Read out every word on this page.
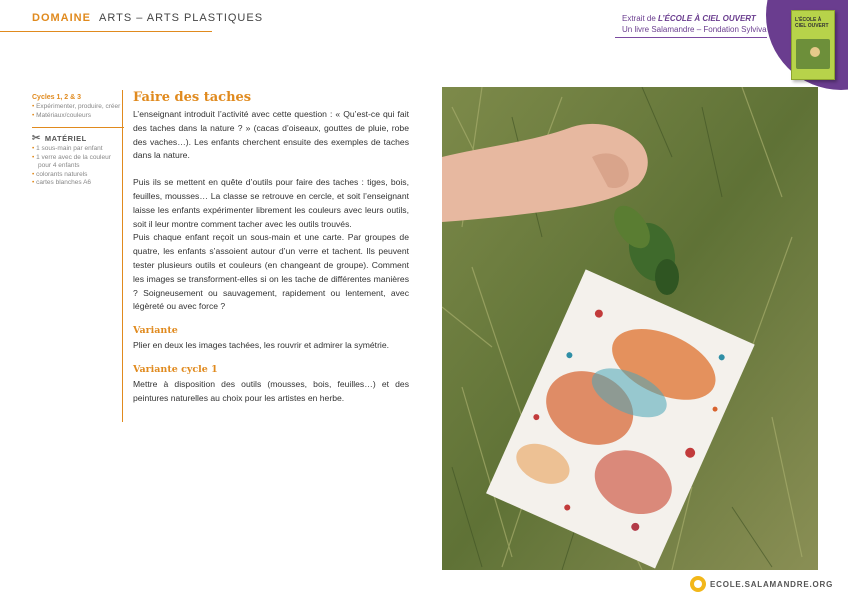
DOMAINE ARTS – ARTS PLASTIQUES	Extrait de L’ÉCOLE À CIEL OUVERT
Un livre Salamandre – Fondation Sylviva
L’ÉCOLE À CIEL OUVERT
Cycles 1, 2 & 3
• Expérimenter, produire, créer
• Matériaux/couleurs
✂ MATÉRIEL
• 1 sous-main par enfant
• 1 verre avec de la couleur pour 4 enfants
• colorants naturels
• cartes blanches A6
Faire des taches

L’enseignant introduit l’activité avec cette question : « Qu’est-ce qui fait des taches dans la nature ? » (cacas d’oiseaux, gouttes de pluie, robe des vaches…). Les enfants cherchent ensuite des exemples de taches dans la nature.

Puis ils se mettent en quête d’outils pour faire des taches : tiges, bois, feuilles, mousses… La classe se retrouve en cercle, et soit l’enseignant laisse les enfants expérimenter librement les couleurs avec leurs outils, soit il leur montre comment tacher avec les outils trouvés.

Puis chaque enfant reçoit un sous-main et une carte. Par groupes de quatre, les enfants s’assoient autour d’un verre et tachent. Ils peuvent tester plusieurs outils et couleurs (en changeant de groupe). Comment les images se transforment-elles si on les tache de différentes manières ? Soigneusement ou sauvagement, rapidement ou lentement, avec légèreté ou avec force ?

Variante

Plier en deux les images tachées, les rouvrir et admirer la symétrie.

Variante cycle 1

Mettre à disposition des outils (mousses, bois, feuilles…) et des peintures naturelles au choix pour les artistes en herbe.

ECOLE.SALAMANDRE.ORG
